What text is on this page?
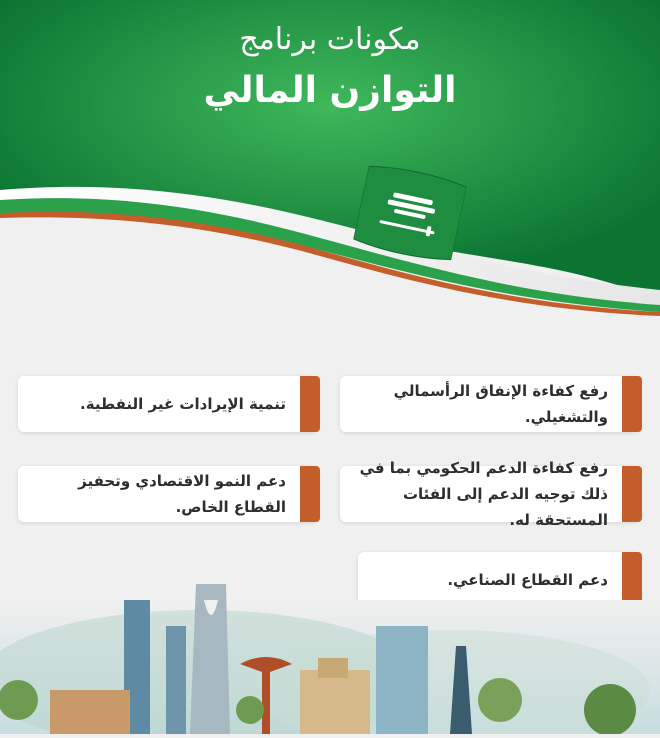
مكونات برنامج
التوازن المالي
رفع كفاءة الإنفاق الرأسمالي والتشغيلي.
تنمية الإيرادات غير النفطية.
رفع كفاءة الدعم الحكومي بما في ذلك توجيه الدعم إلى الفئات المستحقة له.
دعم النمو الاقتصادي وتحفيز القطاع الخاص.
دعم القطاع الصناعي.
